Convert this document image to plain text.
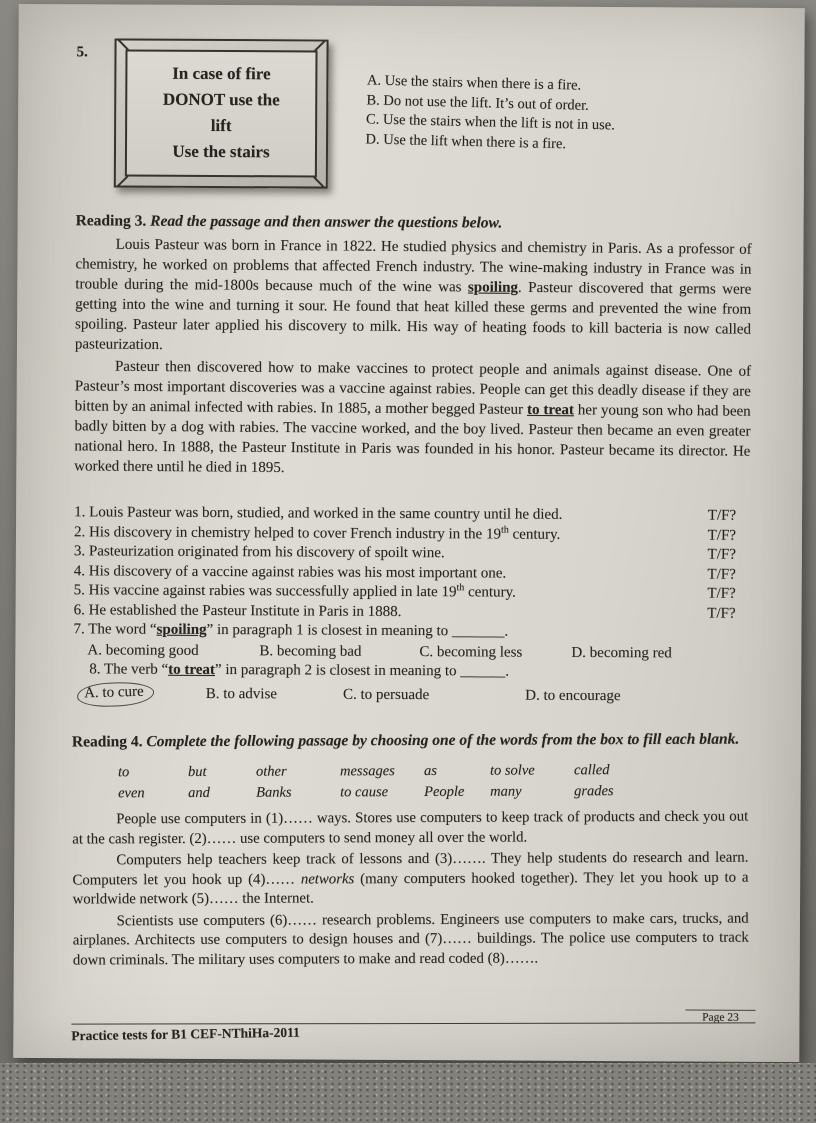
5.
In case of fire
DONOT use the
lift
Use the stairs
A. Use the stairs when there is a fire.
B. Do not use the lift. It’s out of order.
C. Use the stairs when the lift is not in use.
D. Use the lift when there is a fire.

Reading 3. Read the passage and then answer the questions below.

Louis Pasteur was born in France in 1822. He studied physics and chemistry in Paris. As a professor of chemistry, he worked on problems that affected French industry. The wine-making industry in France was in trouble during the mid-1800s because much of the wine was spoiling. Pasteur discovered that germs were getting into the wine and turning it sour. He found that heat killed these germs and prevented the wine from spoiling. Pasteur later applied his discovery to milk. His way of heating foods to kill bacteria is now called pasteurization.

Pasteur then discovered how to make vaccines to protect people and animals against disease. One of Pasteur’s most important discoveries was a vaccine against rabies. People can get this deadly disease if they are bitten by an animal infected with rabies. In 1885, a mother begged Pasteur to treat her young son who had been badly bitten by a dog with rabies. The vaccine worked, and the boy lived. Pasteur then became an even greater national hero. In 1888, the Pasteur Institute in Paris was founded in his honor. Pasteur became its director. He worked there until he died in 1895.

1. Louis Pasteur was born, studied, and worked in the same country until he died.	T/F?
2. His discovery in chemistry helped to cover French industry in the 19th century.	T/F?
3. Pasteurization originated from his discovery of spoilt wine.	T/F?
4. His discovery of a vaccine against rabies was his most important one.	T/F?
5. His vaccine against rabies was successfully applied in late 19th century.	T/F?
6. He established the Pasteur Institute in Paris in 1888.	T/F?
7. The word “spoiling” in paragraph 1 is closest in meaning to _______.
A. becoming good	B. becoming bad	C. becoming less	D. becoming red
8. The verb “to treat” in paragraph 2 is closest in meaning to ______.
A. to cure	B. to advise	C. to persuade	D. to encourage

Reading 4. Complete the following passage by choosing one of the words from the box to fill each blank.

to	but	other	messages	as	to solve	called
even	and	Banks	to cause	People	many	grades

People use computers in (1)…… ways. Stores use computers to keep track of products and check you out at the cash register. (2)…… use computers to send money all over the world.

Computers help teachers keep track of lessons and (3)……. They help students do research and learn. Computers let you hook up (4)…… networks (many computers hooked together). They let you hook up to a worldwide network (5)…… the Internet.

Scientists use computers (6)…… research problems. Engineers use computers to make cars, trucks, and airplanes. Architects use computers to design houses and (7)…… buildings. The police use computers to track down criminals. The military uses computers to make and read coded (8)…….

Page 23
Practice tests for B1 CEF-NThiHa-2011
